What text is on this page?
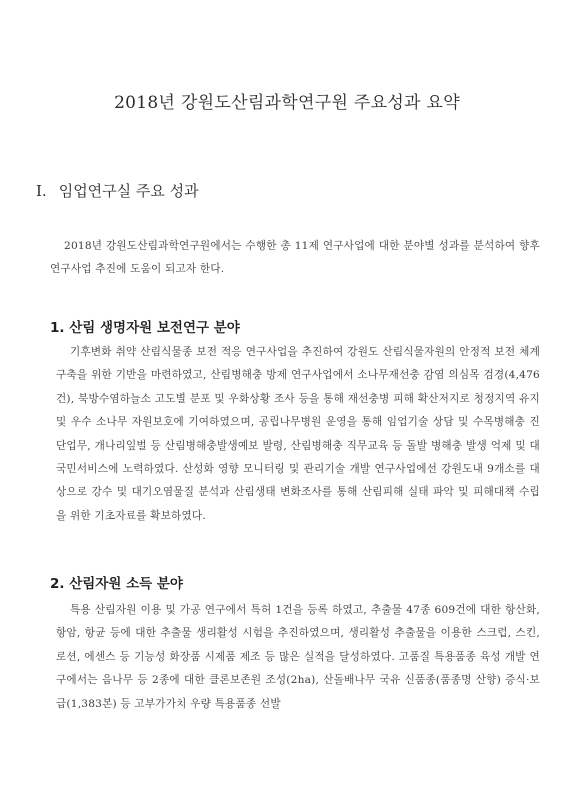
2018년 강원도산림과학연구원 주요성과 요약
Ⅰ. 임업연구실 주요 성과
2018년 강원도산림과학연구원에서는 수행한 총 11제 연구사업에 대한 분야별 성과를 분석하여 향후 연구사업 추진에 도움이 되고자 한다.
1. 산림 생명자원 보전연구 분야
기후변화 취약 산림식물종 보전 적응 연구사업을 추진하여 강원도 산림식물자원의 안정적 보전 체계 구축을 위한 기반을 마련하였고, 산림병해충 방제 연구사업에서 소나무재선충 감염 의심목 검경(4,476건), 북방수염하늘소 고도별 분포 및 우화상황 조사 등을 통해 재선충병 피해 확산저지로 청정지역 유지 및 우수 소나무 자원보호에 기여하였으며, 공립나무병원 운영을 통해 임업기술 상담 및 수목병해충 진단업무, 개나리잎벌 등 산림병해충발생예보 발령, 산림병해충 직무교육 등 돌발 병해충 발생 억제 및 대국민서비스에 노력하였다. 산성화 영향 모니터링 및 관리기술 개발 연구사업에선 강원도내 9개소를 대상으로 강수 및 대기오염물질 분석과 산림생태 변화조사를 통해 산림피해 실태 파악 및 피해대책 수립을 위한 기초자료를 확보하였다.
2. 산림자원 소득 분야
특용 산림자원 이용 및 가공 연구에서 특허 1건을 등록 하였고, 추출물 47종 609건에 대한 항산화, 항암, 항균 등에 대한 추출물 생리활성 시험을 추진하였으며, 생리활성 추출물을 이용한 스크럽, 스킨, 로션, 에센스 등 기능성 화장품 시제품 제조 등 많은 실적을 달성하였다. 고품질 특용품종 육성 개발 연구에서는 음나무 등 2종에 대한 클론보존원 조성(2ha), 산돌배나무 국유 신품종(품종명 산향) 증식·보급(1,383본) 등 고부가가치 우량 특용품종 선발
